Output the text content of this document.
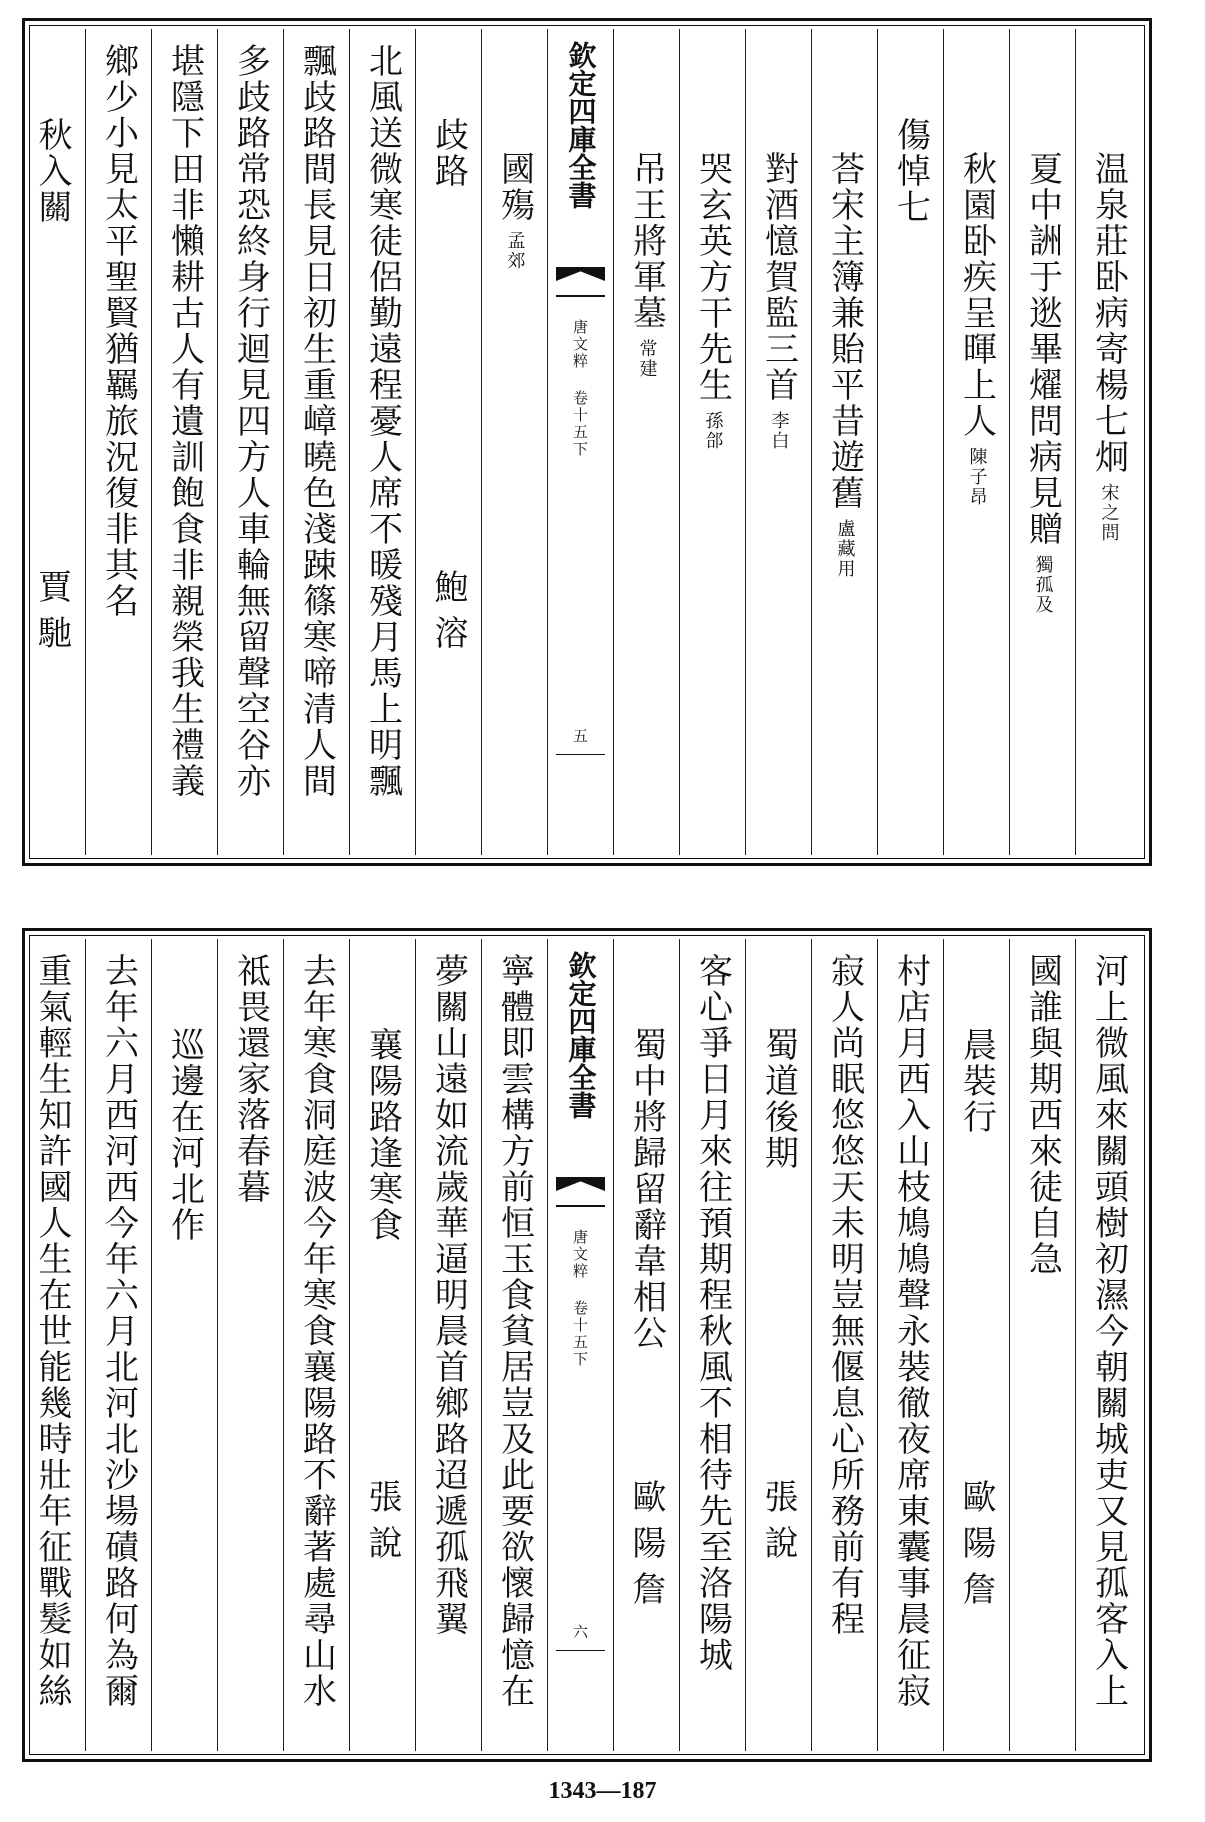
温泉莊卧病寄楊七炯宋之問
夏中詶于逖畢燿問病見贈獨孤及
秋園卧疾呈暉上人陳子昂
傷悼七
荅宋主簿兼貽平昔遊舊盧藏用
對酒憶賀監三首李白
哭玄英方干先生孫郃
吊王將軍墓常建
欽定四庫全書
唐文粹 卷十五下
五
國殤孟郊
歧路
鮑溶
北風送微寒徒侶勤遠程憂人席不暖殘月馬上明飄
飄歧路間長見日初生重嶂曉色淺踈篠寒啼清人間
多歧路常恐終身行迴見四方人車輪無留聲空谷亦
堪隱下田非懶耕古人有遺訓飽食非親榮我生禮義
鄉少小見太平聖賢猶羈旅況復非其名
秋入關
賈馳
河上微風來關頭樹初濕今朝關城吏又見孤客入上
國誰與期西來徒自急
晨裝行
歐陽詹
村店月西入山枝鳩鳩聲永裝徹夜席東囊事晨征寂
寂人尚眠悠悠天未明豈無偃息心所務前有程
蜀道後期
張說
客心爭日月來往預期程秋風不相待先至洛陽城
蜀中將歸留辭韋相公
歐陽詹
欽定四庫全書
唐文粹 卷十五下
六
寧體即雲構方前恒玉食貧居豈及此要欲懷歸憶在
夢關山遠如流歲華逼明晨首鄉路迢遞孤飛翼
襄陽路逢寒食
張說
去年寒食洞庭波今年寒食襄陽路不辭著處尋山水
祗畏還家落春暮
巡邊在河北作
去年六月西河西今年六月北河北沙場磧路何為爾
重氣輕生知許國人生在世能幾時壯年征戰髮如絲
1343—187
